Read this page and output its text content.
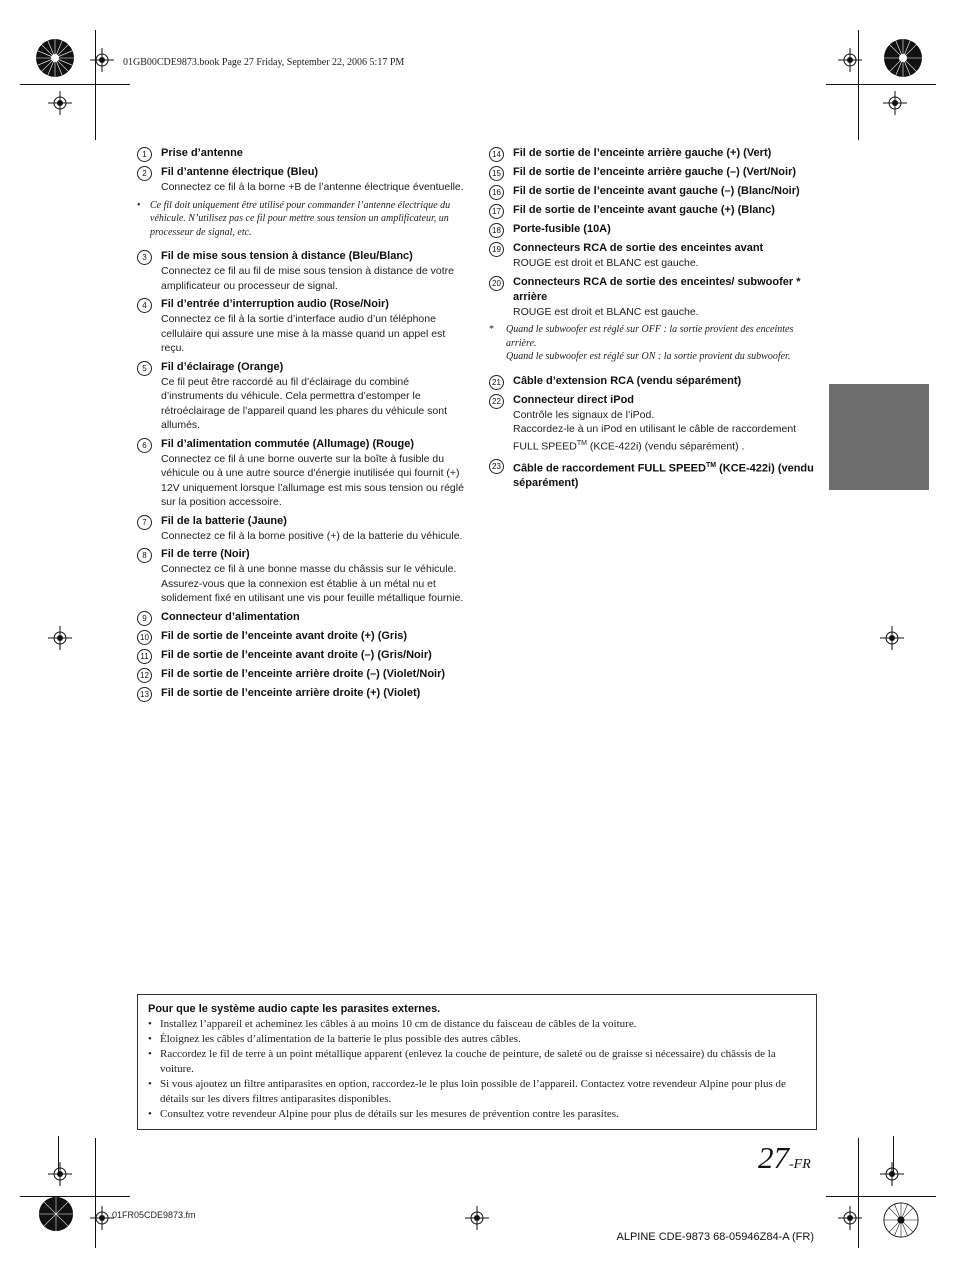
01GB00CDE9873.book Page 27 Friday, September 22, 2006 5:17 PM
1	Prise d’antenne
2	Fil d’antenne électrique (Bleu)
Connectez ce fil à la borne +B de l’antenne électrique éventuelle.
• Ce fil doit uniquement être utilisé pour commander l’antenne électrique du véhicule. N’utilisez pas ce fil pour mettre sous tension un amplificateur, un processeur de signal, etc.
3	Fil de mise sous tension à distance (Bleu/Blanc)
Connectez ce fil au fil de mise sous tension à distance de votre amplificateur ou processeur de signal.
4	Fil d’entrée d’interruption audio (Rose/Noir)
Connectez ce fil à la sortie d’interface audio d’un téléphone cellulaire qui assure une mise à la masse quand un appel est reçu.
5	Fil d’éclairage (Orange)
Ce fil peut être raccordé au fil d’éclairage du combiné d’instruments du véhicule. Cela permettra d’estomper le rétroéclairage de l’appareil quand les phares du véhicule sont allumés.
6	Fil d’alimentation commutée (Allumage) (Rouge)
Connectez ce fil à une borne ouverte sur la boîte à fusible du véhicule ou à une autre source d’énergie inutilisée qui fournit (+) 12V uniquement lorsque l’allumage est mis sous tension ou réglé sur la position accessoire.
7	Fil de la batterie (Jaune)
Connectez ce fil à la borne positive (+) de la batterie du véhicule.
8	Fil de terre (Noir)
Connectez ce fil à une bonne masse du châssis sur le véhicule. Assurez-vous que la connexion est établie à un métal nu et solidement fixé en utilisant une vis pour feuille métallique fournie.
9	Connecteur d’alimentation
10 Fil de sortie de l’enceinte avant droite (+) (Gris)
11	Fil de sortie de l’enceinte avant droite (–) (Gris/Noir)
12 Fil de sortie de l’enceinte arrière droite (–) (Violet/Noir)
13 Fil de sortie de l’enceinte arrière droite (+) (Violet)
14 Fil de sortie de l’enceinte arrière gauche (+) (Vert)
15 Fil de sortie de l’enceinte arrière gauche (–) (Vert/Noir)
16 Fil de sortie de l’enceinte avant gauche (–) (Blanc/Noir)
17 Fil de sortie de l’enceinte avant gauche (+) (Blanc)
18 Porte-fusible (10A)
19 Connecteurs RCA de sortie des enceintes avant
ROUGE est droit et BLANC est gauche.
20 Connecteurs RCA de sortie des enceintes/ subwoofer * arrière
ROUGE est droit et BLANC est gauche.
* Quand le subwoofer est réglé sur OFF : la sortie provient des enceintes arrière.
Quand le subwoofer est réglé sur ON : la sortie provient du subwoofer.
21 Câble d’extension RCA (vendu séparément)
22 Connecteur direct iPod
Contrôle les signaux de l’iPod.
Raccordez-le à un iPod en utilisant le câble de raccordement FULL SPEED™ (KCE-422i) (vendu séparément) .
23 Câble de raccordement FULL SPEED™ (KCE-422i) (vendu séparément)
Pour que le système audio capte les parasites externes.
• Installez l’appareil et acheminez les câbles à au moins 10 cm de distance du faisceau de câbles de la voiture.
• Éloignez les câbles d’alimentation de la batterie le plus possible des autres câbles.
• Raccordez le fil de terre à un point métallique apparent (enlevez la couche de peinture, de saleté ou de graisse si nécessaire) du châssis de la voiture.
• Si vous ajoutez un filtre antiparasites en option, raccordez-le le plus loin possible de l’appareil. Contactez votre revendeur Alpine pour plus de détails sur les divers filtres antiparasites disponibles.
• Consultez votre revendeur Alpine pour plus de détails sur les mesures de prévention contre les parasites.
27-FR
01FR05CDE9873.fm
ALPINE CDE-9873 68-05946Z84-A (FR)
